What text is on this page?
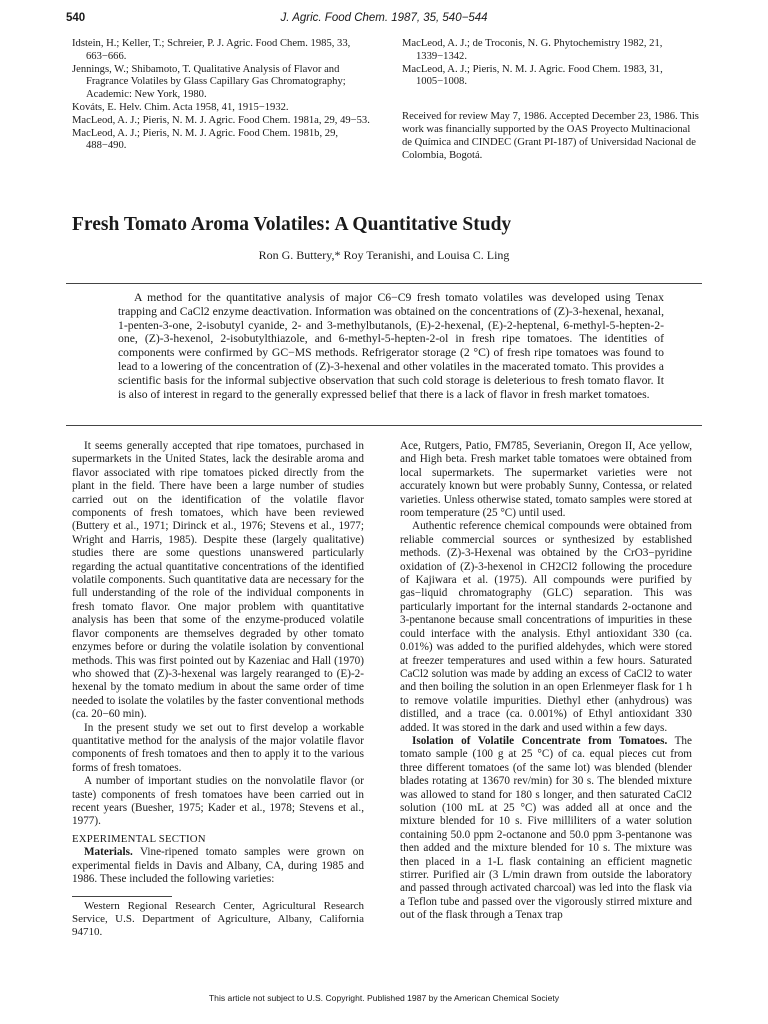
540	J. Agric. Food Chem. 1987, 35, 540−544
Idstein, H.; Keller, T.; Schreier, P. J. Agric. Food Chem. 1985, 33, 663−666.
Jennings, W.; Shibamoto, T. Qualitative Analysis of Flavor and Fragrance Volatiles by Glass Capillary Gas Chromatography; Academic: New York, 1980.
Kováts, E. Helv. Chim. Acta 1958, 41, 1915−1932.
MacLeod, A. J.; Pieris, N. M. J. Agric. Food Chem. 1981a, 29, 49−53.
MacLeod, A. J.; Pieris, N. M. J. Agric. Food Chem. 1981b, 29, 488−490.
MacLeod, A. J.; de Troconis, N. G. Phytochemistry 1982, 21, 1339−1342.
MacLeod, A. J.; Pieris, N. M. J. Agric. Food Chem. 1983, 31, 1005−1008.
Received for review May 7, 1986. Accepted December 23, 1986. This work was financially supported by the OAS Proyecto Multinacional de Química and CINDEC (Grant PI-187) of Universidad Nacional de Colombia, Bogotá.
Fresh Tomato Aroma Volatiles: A Quantitative Study
Ron G. Buttery,* Roy Teranishi, and Louisa C. Ling

A method for the quantitative analysis of major C6−C9 fresh tomato volatiles was developed using Tenax trapping and CaCl2 enzyme deactivation. Information was obtained on the concentrations of (Z)-3-hexenal, hexanal, 1-penten-3-one, 2-isobutyl cyanide, 2- and 3-methylbutanols, (E)-2-hexenal, (E)-2-heptenal, 6-methyl-5-hepten-2-one, (Z)-3-hexenol, 2-isobutylthiazole, and 6-methyl-5-hepten-2-ol in fresh ripe tomatoes. The identities of components were confirmed by GC−MS methods. Refrigerator storage (2 °C) of fresh ripe tomatoes was found to lead to a lowering of the concentration of (Z)-3-hexenal and other volatiles in the macerated tomato. This provides a scientific basis for the informal subjective observation that such cold storage is deleterious to fresh tomato flavor. It is also of interest in regard to the generally expressed belief that there is a lack of flavor in fresh market tomatoes.

It seems generally accepted that ripe tomatoes, purchased in supermarkets in the United States, lack the desirable aroma and flavor associated with ripe tomatoes picked directly from the plant in the field. There have been a large number of studies carried out on the identification of the volatile flavor components of fresh tomatoes, which have been reviewed (Buttery et al., 1971; Dirinck et al., 1976; Stevens et al., 1977; Wright and Harris, 1985). Despite these (largely qualitative) studies there are some questions unanswered particularly regarding the actual quantitative concentrations of the identified volatile components. Such quantitative data are necessary for the full understanding of the role of the individual components in fresh tomato flavor. One major problem with quantitative analysis has been that some of the enzyme-produced volatile flavor components are themselves degraded by other tomato enzymes before or during the volatile isolation by conventional methods. This was first pointed out by Kazeniac and Hall (1970) who showed that (Z)-3-hexenal was largely rearanged to (E)-2-hexenal by the tomato medium in about the same order of time needed to isolate the volatiles by the faster conventional methods (ca. 20−60 min).

In the present study we set out to first develop a workable quantitative method for the analysis of the major volatile flavor components of fresh tomatoes and then to apply it to the various forms of fresh tomatoes.

A number of important studies on the nonvolatile flavor (or taste) components of fresh tomatoes have been carried out in recent years (Buesher, 1975; Kader et al., 1978; Stevens et al., 1977).

EXPERIMENTAL SECTION

Materials. Vine-ripened tomato samples were grown on experimental fields in Davis and Albany, CA, during 1985 and 1986. These included the following varieties:

Western Regional Research Center, Agricultural Research Service, U.S. Department of Agriculture, Albany, California 94710.

Ace, Rutgers, Patio, FM785, Severianin, Oregon II, Ace yellow, and High beta. Fresh market table tomatoes were obtained from local supermarkets. The supermarket varieties were not accurately known but were probably Sunny, Contessa, or related varieties. Unless otherwise stated, tomato samples were stored at room temperature (25 °C) until used.

Authentic reference chemical compounds were obtained from reliable commercial sources or synthesized by established methods. (Z)-3-Hexenal was obtained by the CrO3−pyridine oxidation of (Z)-3-hexenol in CH2Cl2 following the procedure of Kajiwara et al. (1975). All compounds were purified by gas−liquid chromatography (GLC) separation. This was particularly important for the internal standards 2-octanone and 3-pentanone because small concentrations of impurities in these could interface with the analysis. Ethyl antioxidant 330 (ca. 0.01%) was added to the purified aldehydes, which were stored at freezer temperatures and used within a few hours. Saturated CaCl2 solution was made by adding an excess of CaCl2 to water and then boiling the solution in an open Erlenmeyer flask for 1 h to remove volatile impurities. Diethyl ether (anhydrous) was distilled, and a trace (ca. 0.001%) of Ethyl antioxidant 330 added. It was stored in the dark and used within a few days.

Isolation of Volatile Concentrate from Tomatoes. The tomato sample (100 g at 25 °C) of ca. equal pieces cut from three different tomatoes (of the same lot) was blended (blender blades rotating at 13670 rev/min) for 30 s. The blended mixture was allowed to stand for 180 s longer, and then saturated CaCl2 solution (100 mL at 25 °C) was added all at once and the mixture blended for 10 s. Five milliliters of a water solution containing 50.0 ppm 2-octanone and 50.0 ppm 3-pentanone was then added and the mixture blended for 10 s. The mixture was then placed in a 1-L flask containing an efficient magnetic stirrer. Purified air (3 L/min drawn from outside the laboratory and passed through activated charcoal) was led into the flask via a Teflon tube and passed over the vigorously stirred mixture and out of the flask through a Tenax trap

This article not subject to U.S. Copyright. Published 1987 by the American Chemical Society
